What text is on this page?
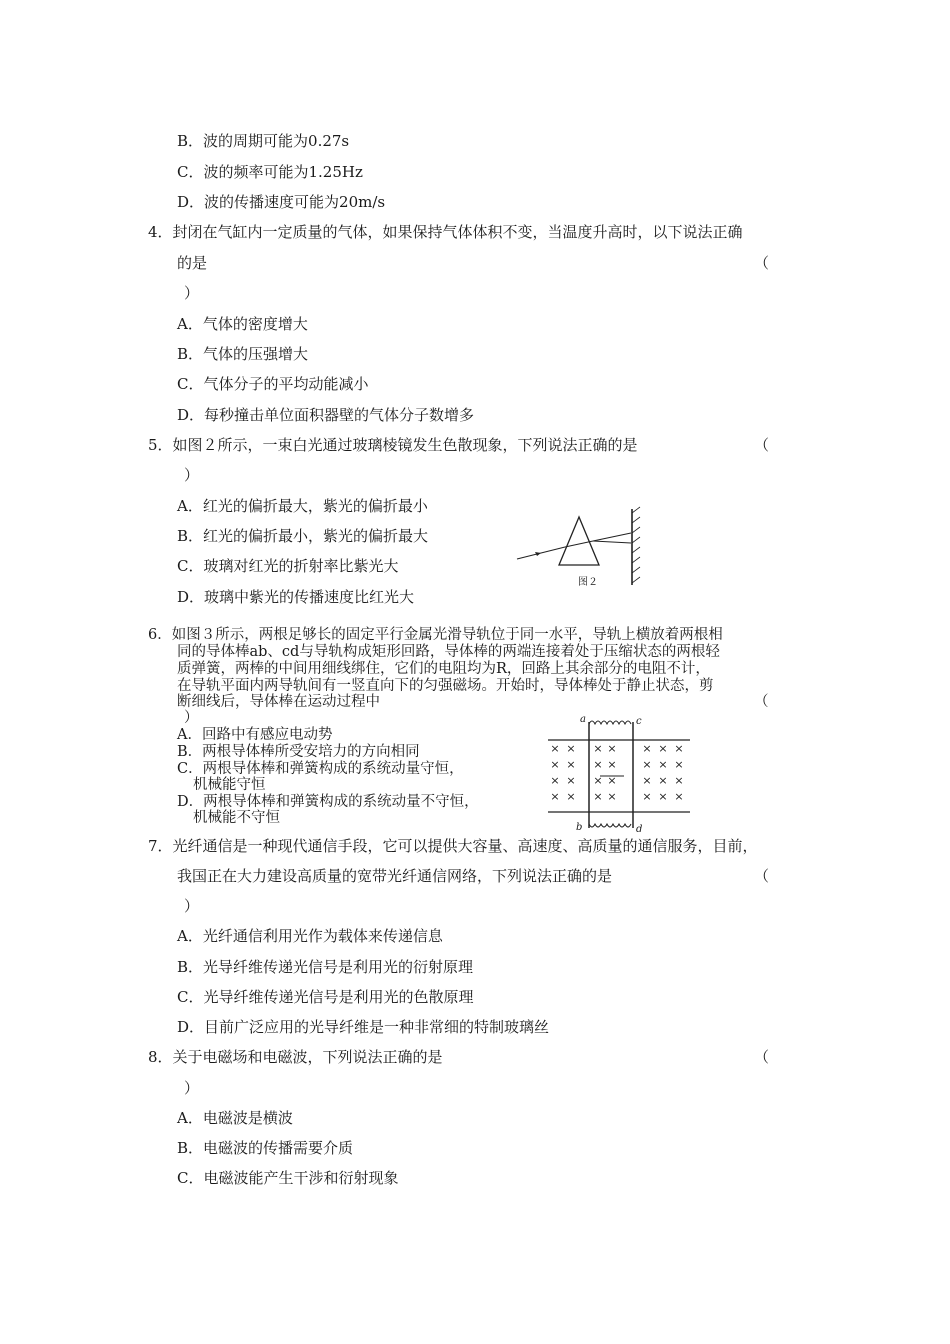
B．波的周期可能为0.27s
C．波的频率可能为1.25Hz
D．波的传播速度可能为20m/s
4．封闭在气缸内一定质量的气体，如果保持气体体积不变，当温度升高时，以下说法正确
的是	（
）
A．气体的密度增大
B．气体的压强增大
C．气体分子的平均动能减小
D．每秒撞击单位面积器壁的气体分子数增多
5．如图２所示，一束白光通过玻璃棱镜发生色散现象，下列说法正确的是	（
）
A．红光的偏折最大，紫光的偏折最小
B．红光的偏折最小，紫光的偏折最大
C．玻璃对红光的折射率比紫光大
D．玻璃中紫光的传播速度比红光大
图２
6．如图３所示，两根足够长的固定平行金属光滑导轨位于同一水平，导轨上横放着两根相
同的导体棒ab、cd与导轨构成矩形回路，导体棒的两端连接着处于压缩状态的两根轻
质弹簧，两棒的中间用细线绑住，它们的电阻均为R，回路上其余部分的电阻不计，
在导轨平面内两导轨间有一竖直向下的匀强磁场。开始时，导体棒处于静止状态，剪
断细线后，导体棒在运动过程中	（
）
A．回路中有感应电动势
B．两根导体棒所受安培力的方向相同
C．两根导体棒和弹簧构成的系统动量守恒，
机械能守恒
D．两根导体棒和弹簧构成的系统动量不守恒，
机械能不守恒
× × × × × × ×
× × × × × × ×
× × × × × × ×
× × × × × × ×
a	c
b	d
7．光纤通信是一种现代通信手段，它可以提供大容量、高速度、高质量的通信服务，目前，
我国正在大力建设高质量的宽带光纤通信网络，下列说法正确的是	（
）
A．光纤通信利用光作为载体来传递信息
B．光导纤维传递光信号是利用光的衍射原理
C．光导纤维传递光信号是利用光的色散原理
D．目前广泛应用的光导纤维是一种非常细的特制玻璃丝
8．关于电磁场和电磁波，下列说法正确的是	（
）
A．电磁波是横波
B．电磁波的传播需要介质
C．电磁波能产生干涉和衍射现象
